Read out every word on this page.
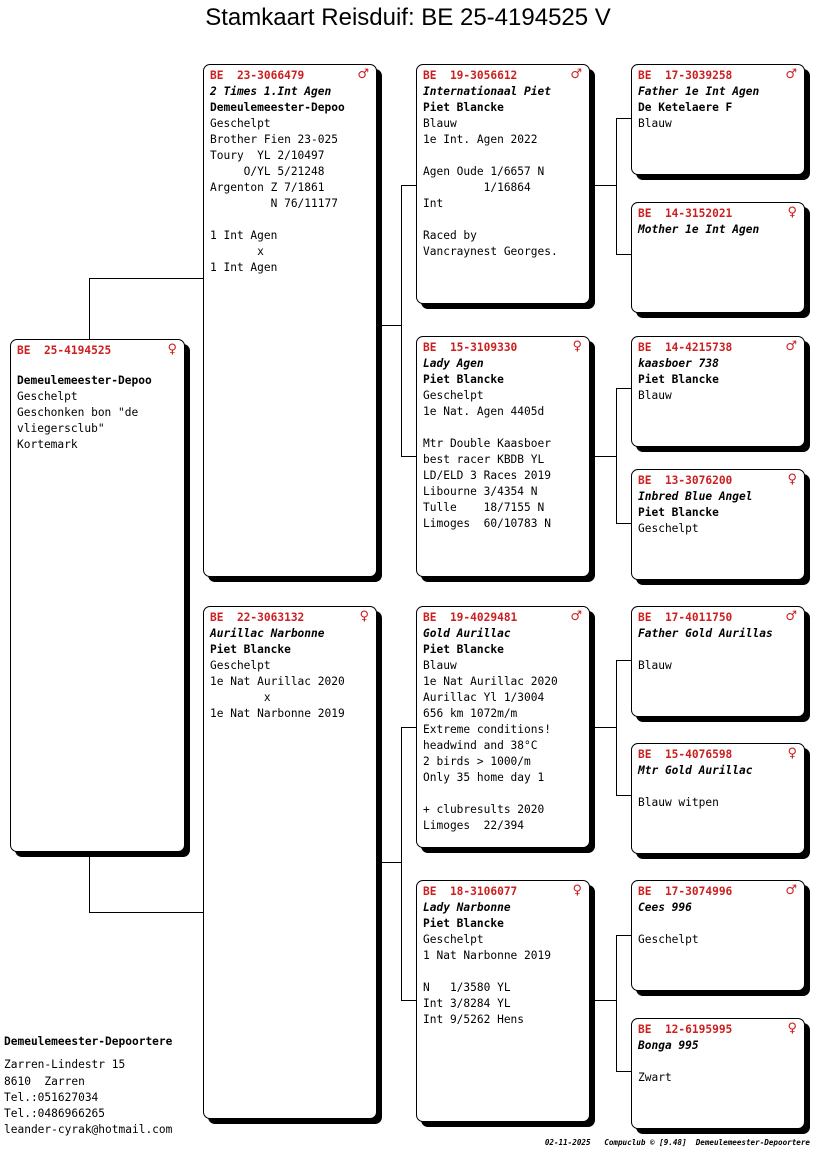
Stamkaart Reisduif: BE 25-4194525 V
BE  25-4194525	♀
Demeulemeester-Depoo
Geschelpt
Geschonken bon "de
vliegersclub"
Kortemark
BE  23-3066479	♂
2 Times 1.Int Agen
Demeulemeester-Depoo
Geschelpt
Brother Fien 23-025
Toury  YL 2/10497
O/YL 5/21248
Argenton Z 7/1861
N 76/11177

1 Int Agen
x
1 Int Agen
BE  22-3063132	♀
Aurillac Narbonne
Piet Blancke
Geschelpt
1e Nat Aurillac 2020
x
1e Nat Narbonne 2019
BE  19-3056612	♂
Internationaal Piet
Piet Blancke
Blauw
1e Int. Agen 2022

Agen Oude 1/6657 N
1/16864
Int

Raced by
Vancraynest Georges.
BE  15-3109330	♀
Lady Agen
Piet Blancke
Geschelpt
1e Nat. Agen 4405d

Mtr Double Kaasboer
best racer KBDB YL
LD/ELD 3 Races 2019
Libourne 3/4354 N
Tulle    18/7155 N
Limoges  60/10783 N
BE  19-4029481	♂
Gold Aurillac
Piet Blancke
Blauw
1e Nat Aurillac 2020
Aurillac Yl 1/3004
656 km 1072m/m
Extreme conditions!
headwind and 38°C
2 birds > 1000/m
Only 35 home day 1

+ clubresults 2020
Limoges  22/394
BE  18-3106077	♀
Lady Narbonne
Piet Blancke
Geschelpt
1 Nat Narbonne 2019

N   1/3580 YL
Int 3/8284 YL
Int 9/5262 Hens
BE  17-3039258	♂
Father 1e Int Agen
De Ketelaere F
Blauw
BE  14-3152021	♀
Mother 1e Int Agen
BE  14-4215738	♂
kaasboer 738
Piet Blancke
Blauw
BE  13-3076200	♀
Inbred Blue Angel
Piet Blancke
Geschelpt
BE  17-4011750	♂
Father Gold Aurillas
Blauw
BE  15-4076598	♀
Mtr Gold Aurillac
Blauw witpen
BE  17-3074996	♂
Cees 996
Geschelpt
BE  12-6195995	♀
Bonga 995
Zwart
Demeulemeester-Depoortere
Zarren-Lindestr 15
8610  Zarren
Tel.:051627034
Tel.:0486966265
leander-cyrak@hotmail.com
02-11-2025   Compuclub © [9.48]  Demeulemeester-Depoortere
